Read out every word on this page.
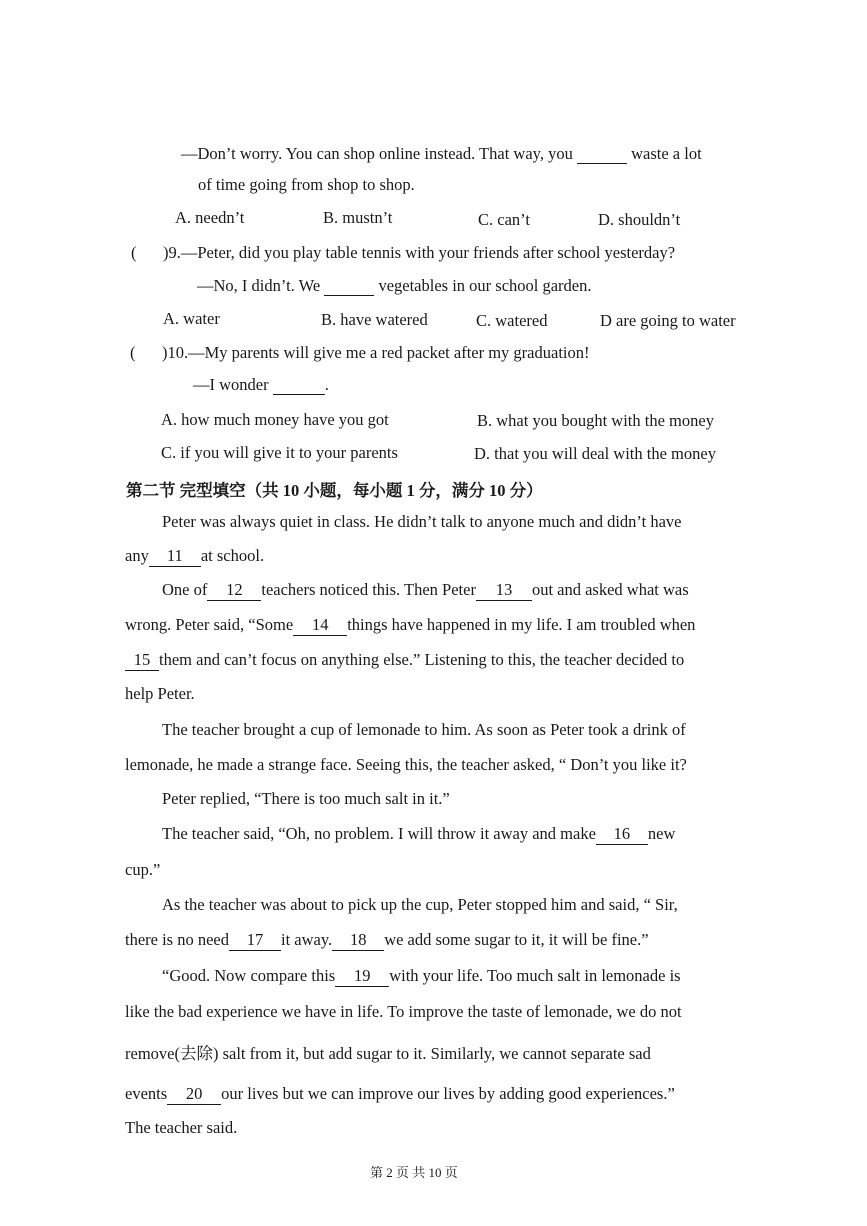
—Don’t worry. You can shop online instead. That way, you	waste a lot
of time going from shop to shop.
A. needn’t	B. mustn’t	C. can’t	D. shouldn’t
( )9.—Peter, did you play table tennis with your friends after school yesterday?
—No, I didn’t. We	vegetables in our school garden.
A. water	B. have watered	C. watered	D are going to water
( )10.—My parents will give me a red packet after my graduation!
—I wonder	.
A. how much money have you got	B. what you bought with the money
C. if you will give it to your parents	D. that you will deal with the money
第二节 完型填空（共 10 小题，每小题 1 分，满分 10 分）
Peter was always quiet in class. He didn’t talk to anyone much and didn’t have
any 11 at school.
One of 12 teachers noticed this. Then Peter 13 out and asked what was
wrong. Peter said, “Some 14 things have happened in my life. I am troubled when
15 them and can’t focus on anything else.” Listening to this, the teacher decided to
help Peter.
The teacher brought a cup of lemonade to him. As soon as Peter took a drink of
lemonade, he made a strange face. Seeing this, the teacher asked, “ Don’t you like it?
Peter replied, “There is too much salt in it.”
The teacher said, “Oh, no problem. I will throw it away and make 16 new
cup.”
As the teacher was about to pick up the cup, Peter stopped him and said, “ Sir,
there is no need 17 it away. 18 we add some sugar to it, it will be fine.”
“Good. Now compare this 19 with your life. Too much salt in lemonade is
like the bad experience we have in life. To improve the taste of lemonade, we do not
remove(去除) salt from it, but add sugar to it. Similarly, we cannot separate sad
events 20 our lives but we can improve our lives by adding good experiences.”
The teacher said.
第 2 页 共 10 页
